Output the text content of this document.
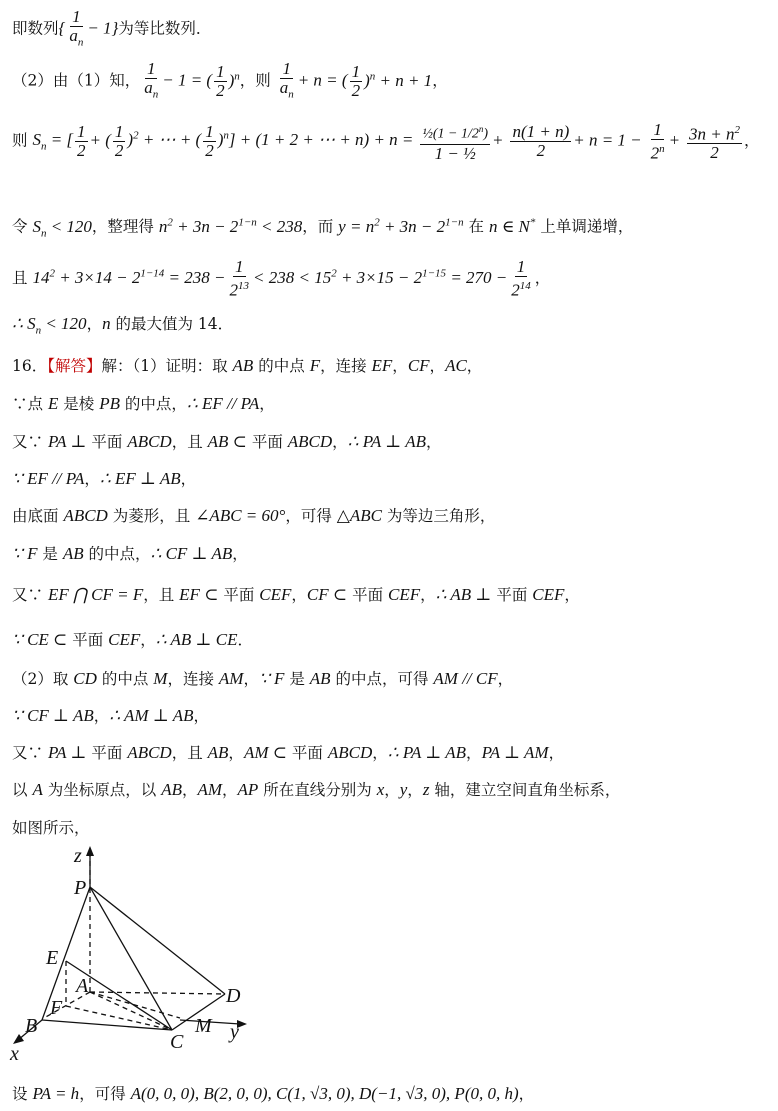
即数列{ $\frac{1}{a_n} - 1$}为等比数列．
（2）由（1）知， $\frac{1}{a_n} - 1$ = ( $\frac{1}{2} )^n$，则 $\frac{1}{a_n} + n$ = ( $\frac{1}{2} )^n + n + 1$，
则 $S_n$ = [ $\frac{1}{2}$ + ( $\frac{1}{2} )^2$ + ⋯ + ( $\frac{1}{2} )^n] + (1 + 2$ + ⋯ + $n) + n = \frac{\frac{1}{2}(1 - 1/2^n)}{\text{1 − ½}} + \frac{n(1 + n)}{2} + n = 1 - \frac{1}{2^n} + \frac{3n + n^2}{2}$ ，
令 $S_n < 120$，整理得 $n^2 + 3n - 2^{1-n} < 238$，而 $y = n^2 + 3n - 2^{1-n}$ 在 n ∈ N* 上单调递增，
且 $14^2 + 3\times 14 - 2^{1-14} = 238 - \frac{1}{2^{13}} < 238 < 15^2 + 3\times 15 - 2^{1-15} = 270 - \frac{1}{2^{14}}$ ，
∴ $S_n < 120$，n 的最大值为 14．
16．【解答】解：（1）证明：取 AB 的中点 F，连接 EF，CF，AC，
∵点 E 是棱 PB 的中点，∴ EF // PA，
又∵ PA ⊥ 平面 ABCD，且 AB ⊂ 平面 ABCD，∴ PA ⊥ AB，
∵ EF // PA，∴ EF ⊥ AB，
由底面 ABCD 为菱形，且 ∠ABC = 60°，可得 △ABC 为等边三角形，
∵ F 是 AB 的中点，∴ CF ⊥ AB，
又∵ EF ⋂ CF = F，且 EF ⊂ 平面 CEF，CF ⊂ 平面 CEF，∴ AB ⊥ 平面 CEF，
∵ CE ⊂ 平面 CEF，∴ AB ⊥ CE．
（2）取 CD 的中点 M，连接 AM，∵ F 是 AB 的中点，可得 AM // CF，
∵ CF ⊥ AB，∴ AM ⊥ AB，
又∵ PA ⊥ 平面 ABCD，且 AB，AM ⊂ 平面 ABCD，∴ PA ⊥ AB，PA ⊥ AM，
以 A 为坐标原点，以 AB，AM，AP 所在直线分别为 x，y，z 轴，建立空间直角坐标系，
如图所示，
z
P
E
A
F
B
D
M y
C
x
设 PA = h，可得 A(0, 0, 0), B(2, 0, 0), C(1, √3, 0), D(−1, √3, 0), P(0, 0, h)，
